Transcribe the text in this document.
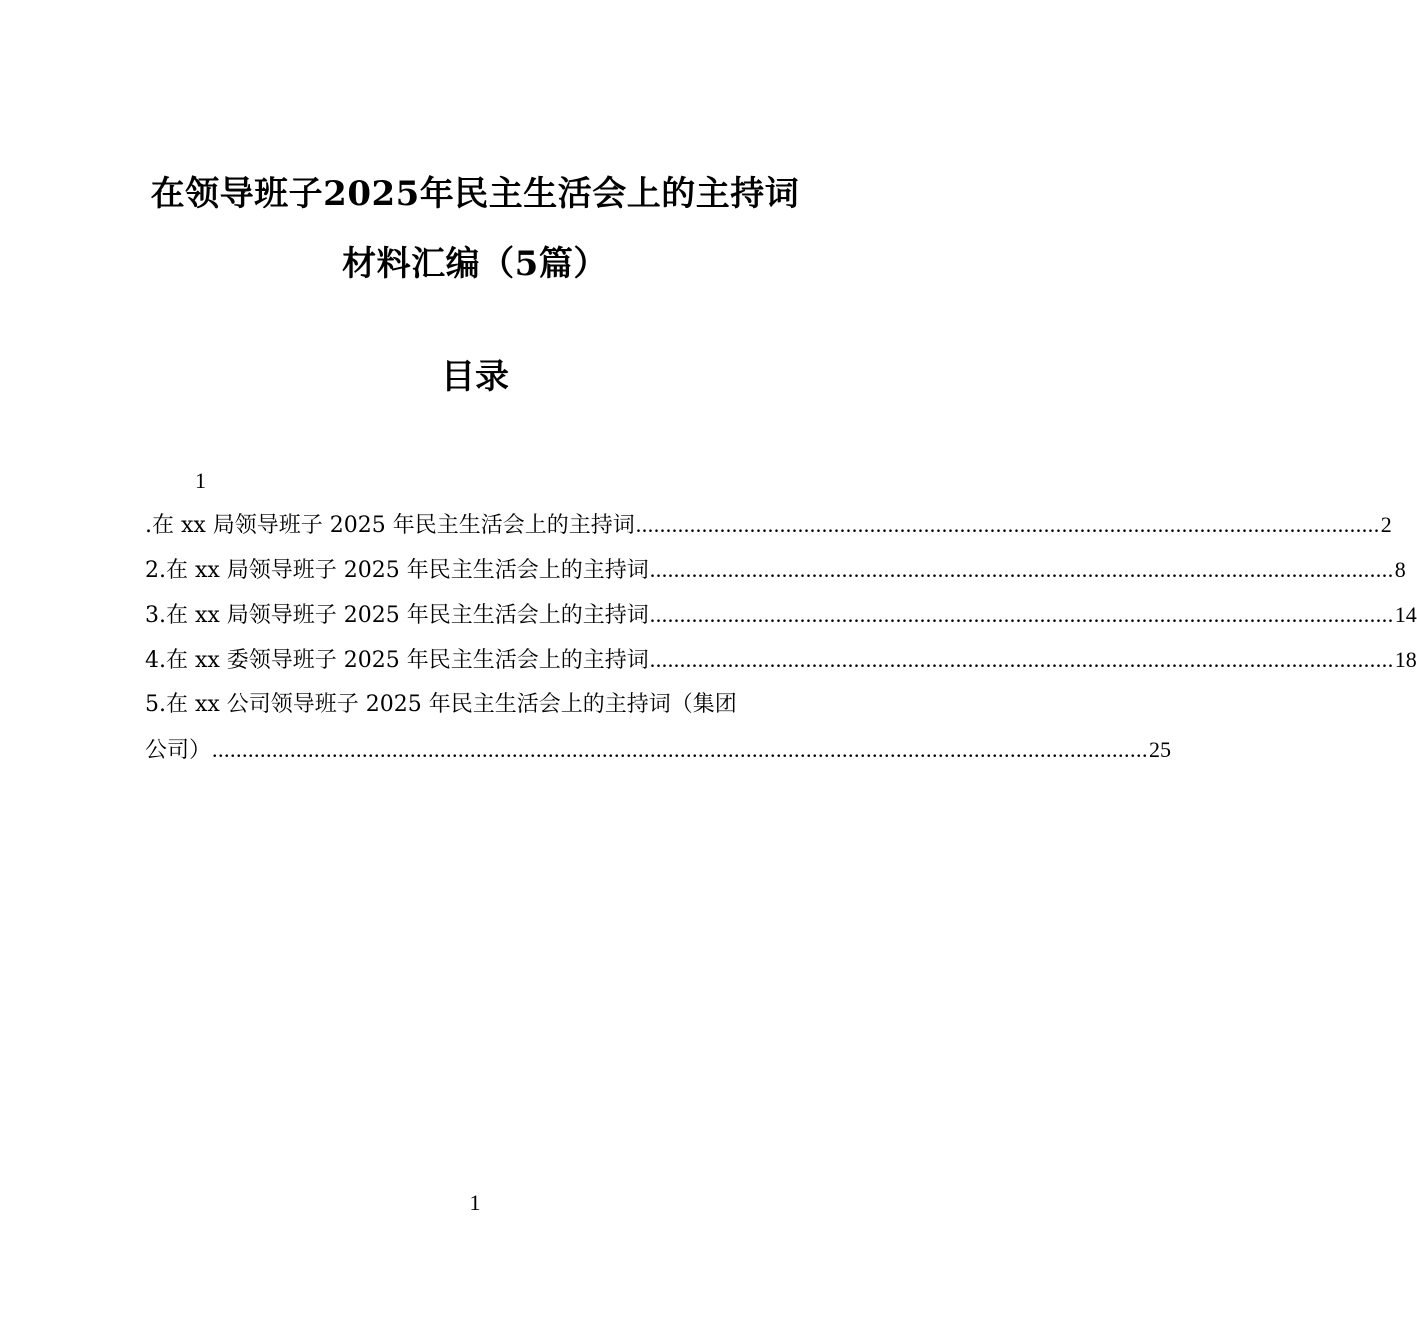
在领导班子2025年民主生活会上的主持词
材料汇编（5篇）
目录
1
.在 xx 局领导班子 2025 年民主生活会上的主持词 ............................................................................................................................ 2
2.在 xx 局领导班子 2025 年民主生活会上的主持词 ............................................................................................................................ 8
3.在 xx 局领导班子 2025 年民主生活会上的主持词 ............................................................................................................................ 14
4.在 xx 委领导班子 2025 年民主生活会上的主持词 ............................................................................................................................ 18
5.在 xx 公司领导班子 2025 年民主生活会上的主持词（集团
公司） ............................................................................................................................................................ 25
1
